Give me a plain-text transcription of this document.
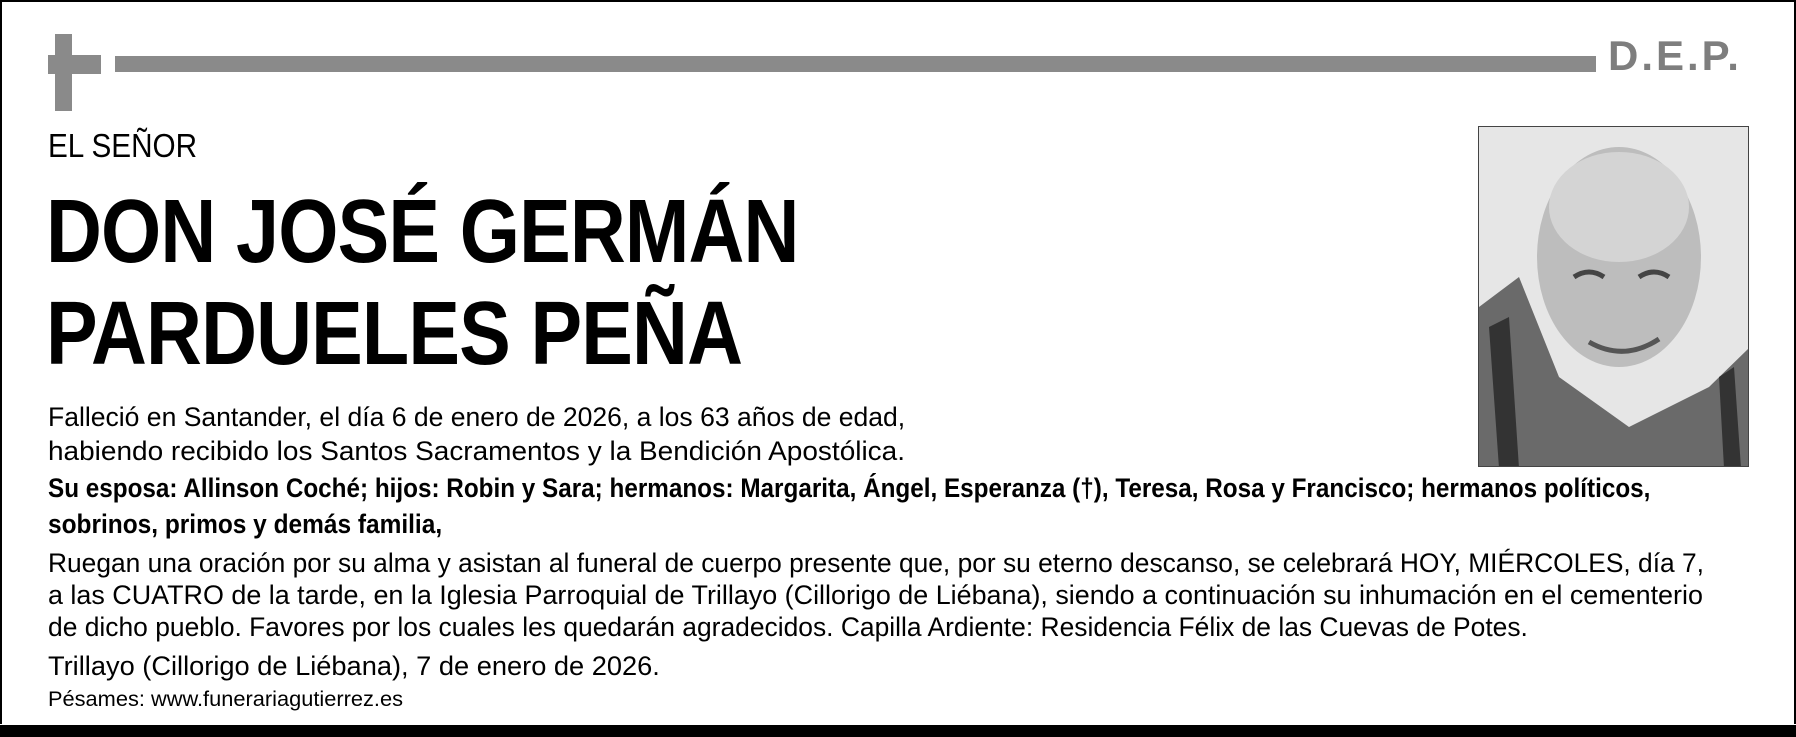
D.E.P.
EL SEÑOR
DON JOSÉ GERMÁN
PARDUELES PEÑA
Falleció en Santander, el día 6 de enero de 2026, a los 63 años de edad,
habiendo recibido los Santos Sacramentos y la Bendición Apostólica.
Su esposa: Allinson Coché; hijos: Robin y Sara; hermanos: Margarita, Ángel, Esperanza (†), Teresa, Rosa y Francisco; hermanos políticos,
sobrinos, primos y demás familia,
Ruegan una oración por su alma y asistan al funeral de cuerpo presente que, por su eterno descanso, se celebrará HOY, MIÉRCOLES, día 7,
a las CUATRO de la tarde, en la Iglesia Parroquial de Trillayo (Cillorigo de Liébana), siendo a continuación su inhumación en el cementerio
de dicho pueblo. Favores por los cuales les quedarán agradecidos. Capilla Ardiente: Residencia Félix de las Cuevas de Potes.
Trillayo (Cillorigo de Liébana), 7 de enero de 2026.
Pésames: www.funerariagutierrez.es
